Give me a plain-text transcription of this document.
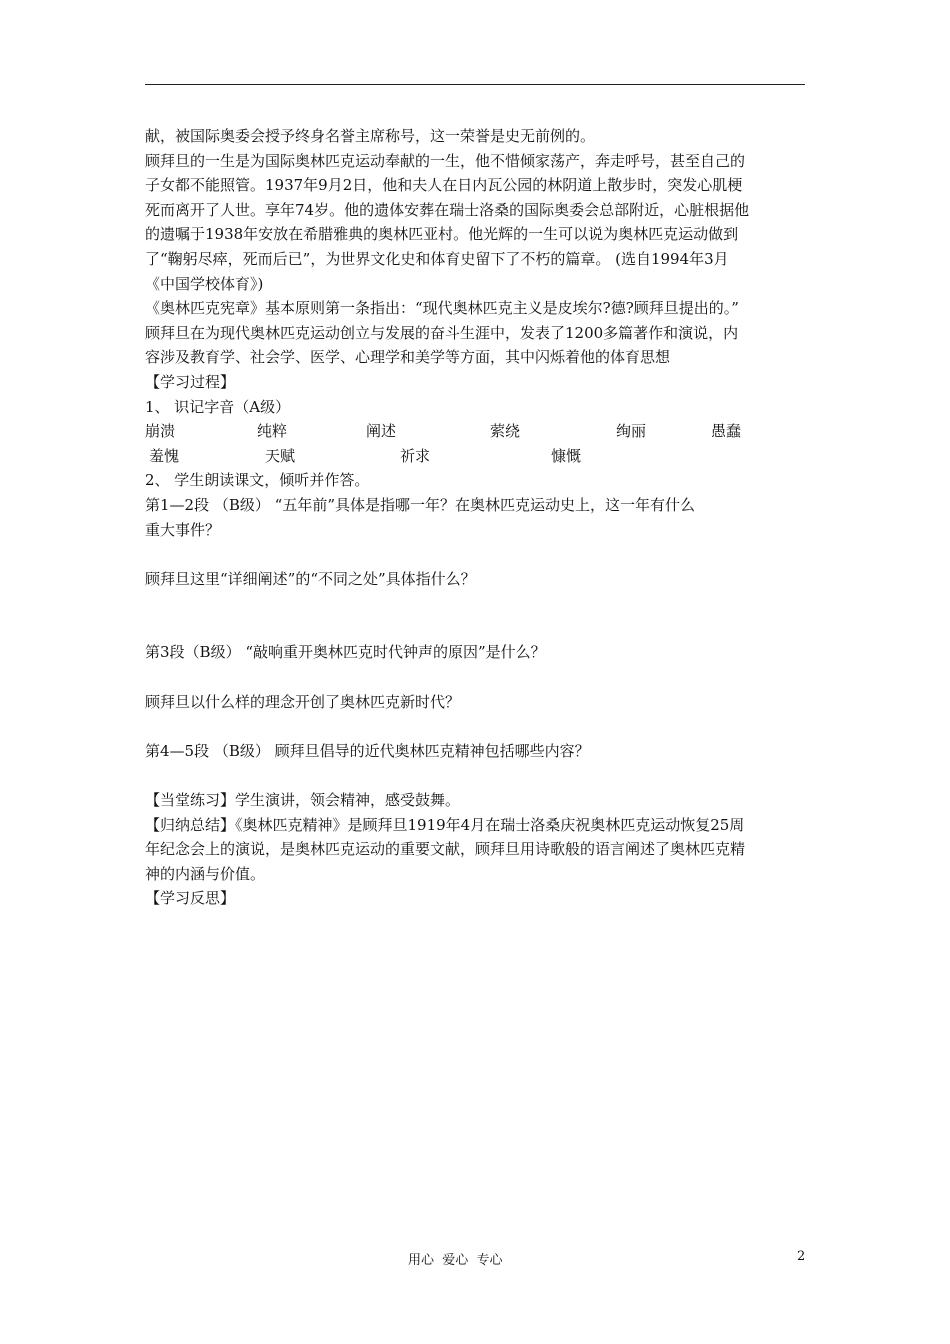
献，被国际奥委会授予终身名誉主席称号，这一荣誉是史无前例的。
顾拜旦的一生是为国际奥林匹克运动奉献的一生，他不惜倾家荡产，奔走呼号，甚至自己的
子女都不能照管。1937年9月2日，他和夫人在日内瓦公园的林阴道上散步时，突发心肌梗
死而离开了人世。享年74岁。他的遗体安葬在瑞士洛桑的国际奥委会总部附近，心脏根据他
的遗嘱于1938年安放在希腊雅典的奥林匹亚村。他光辉的一生可以说为奥林匹克运动做到
了“鞠躬尽瘁，死而后已”，为世界文化史和体育史留下了不朽的篇章。 (选自1994年3月
《中国学校体育》)
《奥林匹克宪章》基本原则第一条指出：“现代奥林匹克主义是皮埃尔?德?顾拜旦提出的。”
顾拜旦在为现代奥林匹克运动创立与发展的奋斗生涯中，发表了1200多篇著作和演说，内
容涉及教育学、社会学、医学、心理学和美学等方面，其中闪烁着他的体育思想
【学习过程】
1、 识记字音（A级）
崩溃	纯粹	阐述	萦绕	绚丽	愚蠢
羞愧	天赋	祈求	慷慨
2、 学生朗读课文，倾听并作答。
第1—2段 （B级） “五年前”具体是指哪一年？在奥林匹克运动史上，这一年有什么
重大事件？
顾拜旦这里“详细阐述”的“不同之处”具体指什么？
第3段（B级） “敲响重开奥林匹克时代钟声的原因”是什么？
顾拜旦以什么样的理念开创了奥林匹克新时代？
第4—5段 （B级） 顾拜旦倡导的近代奥林匹克精神包括哪些内容？
【当堂练习】学生演讲，领会精神，感受鼓舞。
【归纳总结】《奥林匹克精神》是顾拜旦1919年4月在瑞士洛桑庆祝奥林匹克运动恢复25周
年纪念会上的演说，是奥林匹克运动的重要文献，顾拜旦用诗歌般的语言阐述了奥林匹克精
神的内涵与价值。
【学习反思】
用心  爱心  专心	2
